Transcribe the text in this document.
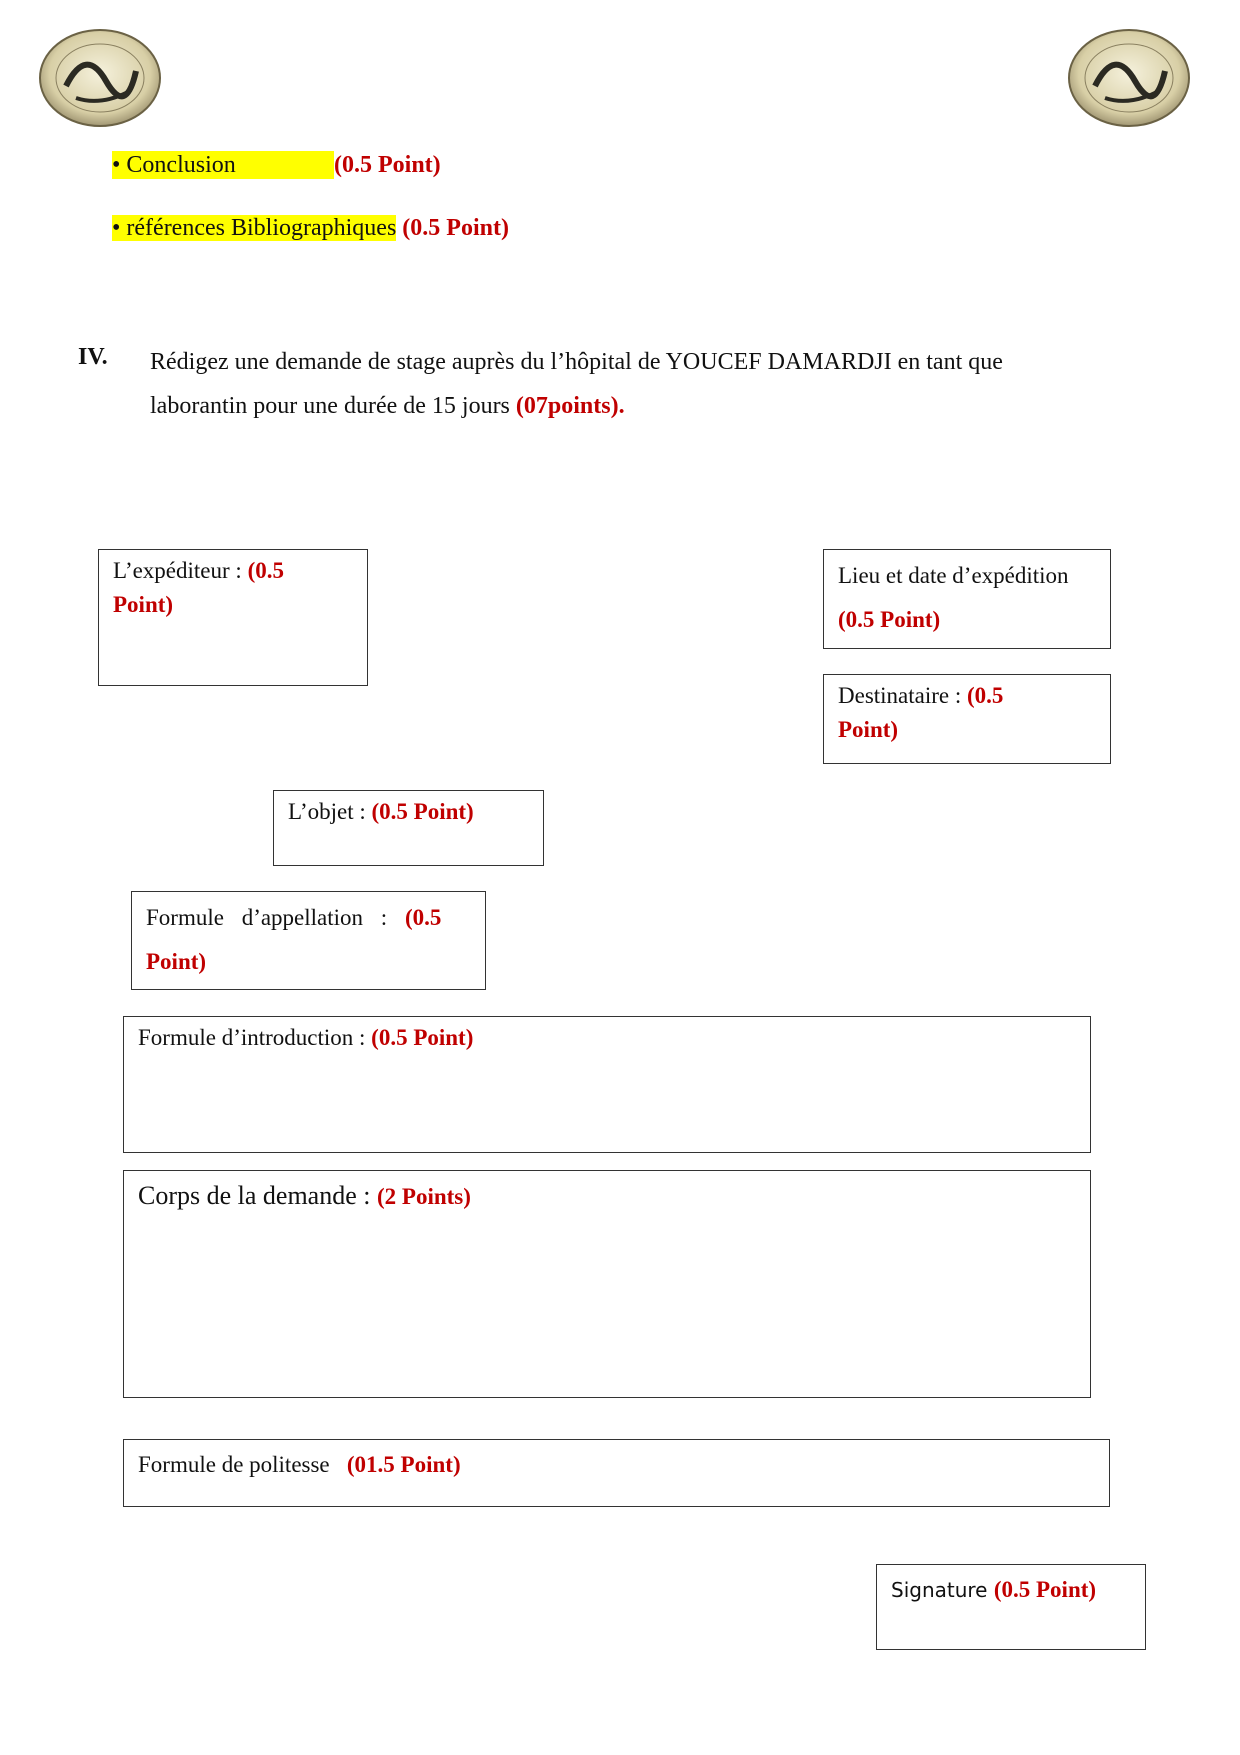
• Conclusion	(0.5 Point)
• références Bibliographiques (0.5 Point)
IV. Rédigez une demande de stage auprès du l’hôpital de YOUCEF DAMARDJI en tant que laborantin pour une durée de 15 jours (07points).
L’expéditeur : (0.5 Point)
Lieu et date d’expédition
(0.5 Point)
Destinataire : (0.5 Point)
L’objet : (0.5 Point)
Formule d’appellation : (0.5 Point)
Formule d’introduction : (0.5 Point)
Corps de la demande : (2 Points)
Formule de politesse   (01.5 Point)
Signature (0.5 Point)
